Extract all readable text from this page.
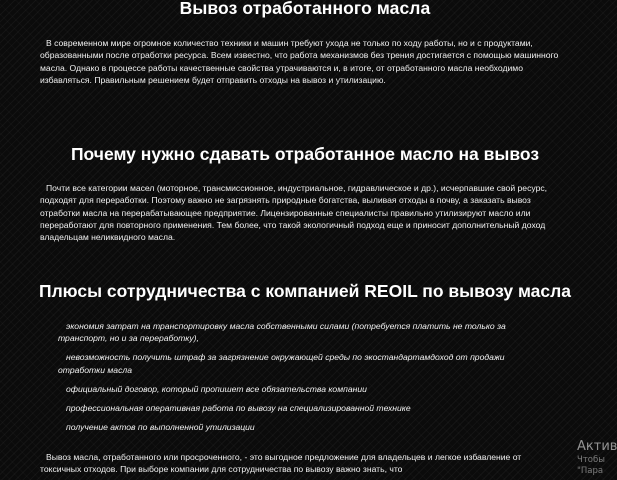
Вывоз отработанного масла

В современном мире огромное количество техники и машин требуют ухода не только по ходу работы, но и с продуктами, образованными после отработки ресурса. Всем известно, что работа механизмов без трения достигается с помощью машинного масла. Однако в процессе работы качественные свойства утрачиваются и, в итоге, от отработанного масла необходимо избавляться. Правильным решением будет отправить отходы на вывоз и утилизацию.

Почему нужно сдавать отработанное масло на вывоз

Почти все категории масел (моторное, трансмиссионное, индустриальное, гидравлическое и др.), исчерпавшие свой ресурс, подходят для переработки. Поэтому важно не загрязнять природные богатства, выливая отходы в почву, а заказать вывоз отработки масла на перерабатывающее предприятие. Лицензированные специалисты правильно утилизируют масло или переработают для повторного применения. Тем более, что такой экологичный подход еще и приносит дополнительный доход владельцам неликвидного масла.

Плюсы сотрудничества с компанией REOIL по вывозу масла
экономия затрат на транспортировку масла собственными силами (потребуется платить не только за транспорт, но и за переработку),
невозможность получить штраф за загрязнение окружающей среды по экостандартамдоход от продажи отработки масла
официальный договор, который пропишет все обязательства компании
профессиональная оперативная работа по вывозу на специализированной технике
получение актов по выполненной утилизации

Вывоз масла, отработанного или просроченного, - это выгодное предложение для владельцев и легкое избавление от токсичных отходов. При выборе компании для сотрудничества по вывозу важно знать, что

Актив
Чтобы
"Пара
